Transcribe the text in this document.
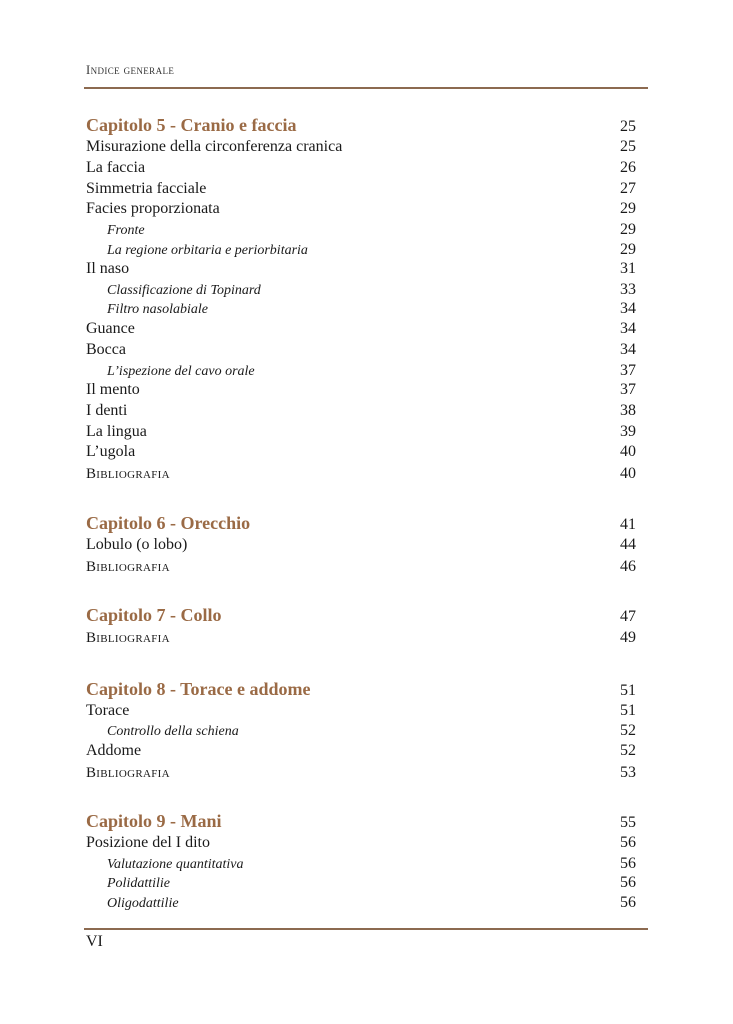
Indice generale
Capitolo 5 - Cranio e faccia	25
Misurazione della circonferenza cranica	25
La faccia	26
Simmetria facciale	27
Facies proporzionata	29
Fronte	29
La regione orbitaria e periorbitaria	29
Il naso	31
Classificazione di Topinard	33
Filtro nasolabiale	34
Guance	34
Bocca	34
L’ispezione del cavo orale	37
Il mento	37
I denti	38
La lingua	39
L’ugola	40
Bibliografia	40
Capitolo 6 - Orecchio	41
Lobulo (o lobo)	44
Bibliografia	46
Capitolo 7 - Collo	47
Bibliografia	49
Capitolo 8 - Torace e addome	51
Torace	51
Controllo della schiena	52
Addome	52
Bibliografia	53
Capitolo 9 - Mani	55
Posizione del I dito	56
Valutazione quantitativa	56
Polidattilie	56
Oligodattilie	56
VI
